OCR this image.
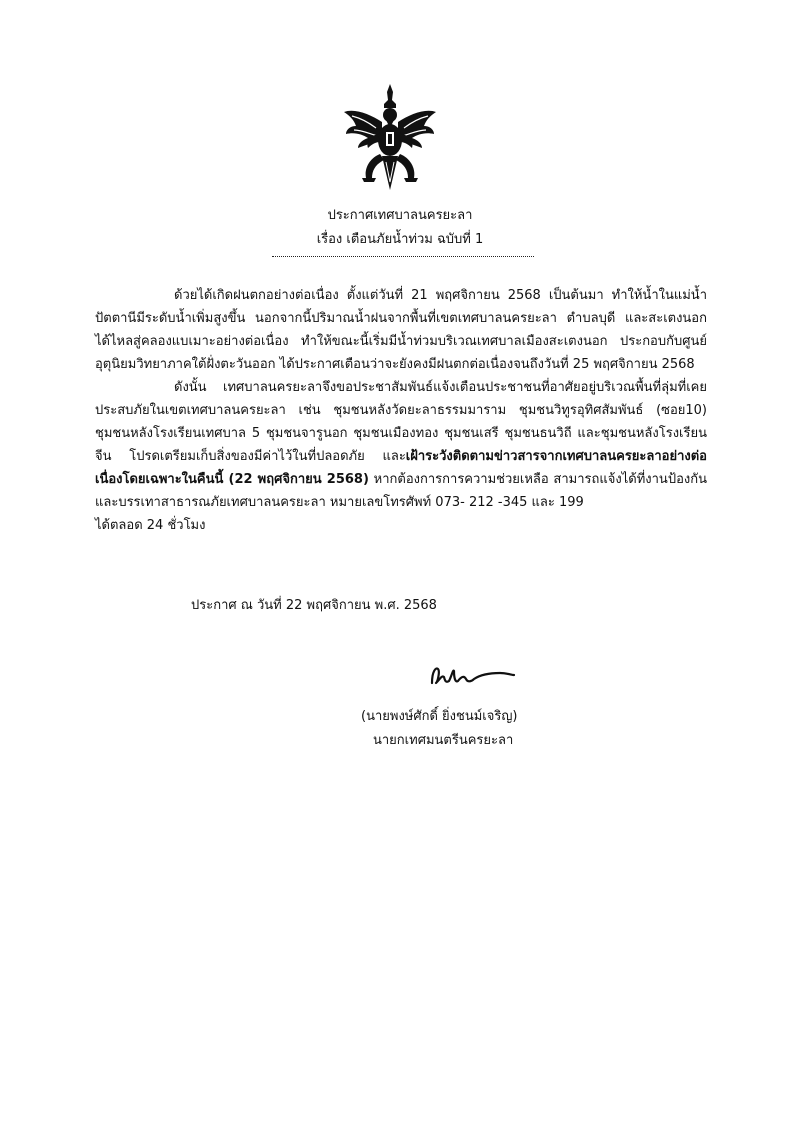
ประกาศเทศบาลนครยะลา

เรื่อง เตือนภัยน้ำท่วม ฉบับที่ 1

ด้วยได้เกิดฝนตกอย่างต่อเนื่อง ตั้งแต่วันที่ 21 พฤศจิกายน 2568 เป็นต้นมา ทำให้น้ำในแม่น้ำปัตตานีมีระดับน้ำเพิ่มสูงขึ้น นอกจากนี้ปริมาณน้ำฝนจากพื้นที่เขตเทศบาลนครยะลา ตำบลบุดี และสะเตงนอก ได้ไหลสู่คลองแบเมาะอย่างต่อเนื่อง ทำให้ขณะนี้เริ่มมีน้ำท่วมบริเวณเทศบาลเมืองสะเตงนอก ประกอบกับศูนย์อุตุนิยมวิทยาภาคใต้ฝั่งตะวันออก ได้ประกาศเตือนว่าจะยังคงมีฝนตกต่อเนื่องจนถึงวันที่ 25 พฤศจิกายน 2568

ดังนั้น เทศบาลนครยะลาจึงขอประชาสัมพันธ์แจ้งเตือนประชาชนที่อาศัยอยู่บริเวณพื้นที่ลุ่มที่เคยประสบภัยในเขตเทศบาลนครยะลา เช่น ชุมชนหลังวัดยะลาธรรมมาราม ชุมชนวิทูรอุทิศสัมพันธ์ (ซอย10) ชุมชนหลังโรงเรียนเทศบาล 5 ชุมชนจารูนอก ชุมชนเมืองทอง ชุมชนเสรี ชุมชนธนวิถี และชุมชนหลังโรงเรียนจีน โปรดเตรียมเก็บสิ่งของมีค่าไว้ในที่ปลอดภัย และเฝ้าระวังติดตามข่าวสารจากเทศบาลนครยะลาอย่างต่อเนื่องโดยเฉพาะในคืนนี้ (22 พฤศจิกายน 2568) หากต้องการการความช่วยเหลือ สามารถแจ้งได้ที่งานป้องกันและบรรเทาสาธารณภัยเทศบาลนครยะลา หมายเลขโทรศัพท์ 073- 212 -345 และ 199

ได้ตลอด 24 ชั่วโมง

ประกาศ ณ วันที่ 22 พฤศจิกายน พ.ศ. 2568

(นายพงษ์ศักดิ์ ยิ่งชนม์เจริญ)

นายกเทศมนตรีนครยะลา
